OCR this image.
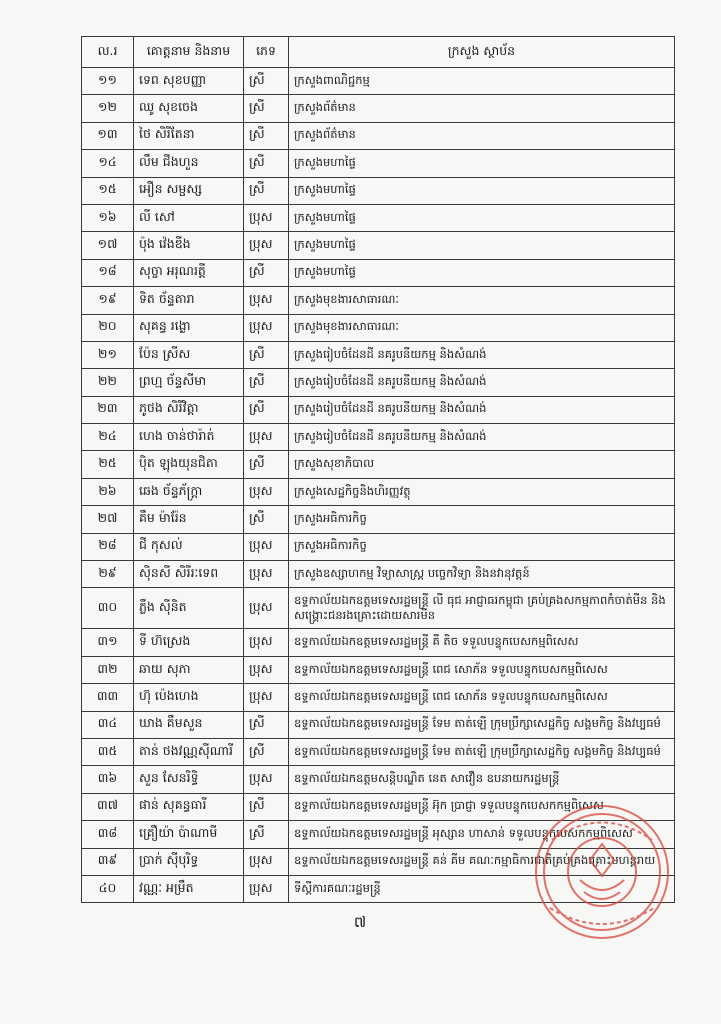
ល.រ	គោត្តនាម និងនាម	ភេទ	ក្រសួង ស្ថាប័ន
១១	ទេព សុខបញ្ញា	ស្រី	ក្រសួងពាណិជ្ជកម្ម
១២	ឈូ សុខចេង	ស្រី	ក្រសួងព័ត៌មាន
១៣	ថៃ សិរីតែនា	ស្រី	ក្រសួងព័ត៌មាន
១៤	លឹម ជីងហួន	ស្រី	ក្រសួងមហាផ្ទៃ
១៥	អឿន សម្ផស្ស	ស្រី	ក្រសួងមហាផ្ទៃ
១៦	លី សៅ	ប្រុស	ក្រសួងមហាផ្ទៃ
១៧	ប៉ុង វ៉េងឌីង	ប្រុស	ក្រសួងមហាផ្ទៃ
១៨	សុច្ចា អរុណរត្តី	ស្រី	ក្រសួងមហាផ្ទៃ
១៩	ទិត ច័ន្ទតារា	ប្រុស	ក្រសួងមុខងារសាធារណៈ
២០	សុគន្ធ រង្ងោ	ប្រុស	ក្រសួងមុខងារសាធារណៈ
២១	ប៉ែន ស្រីស	ស្រី	ក្រសួងរៀបចំដែនដី នគរូបនីយកម្ម និងសំណង់
២២	ព្រហ្ម ច័ន្ទសីមា	ស្រី	ក្រសួងរៀបចំដែនដី នគរូបនីយកម្ម និងសំណង់
២៣	ភូថង សិរីវិត្តា	ស្រី	ក្រសួងរៀបចំដែនដី នគរូបនីយកម្ម និងសំណង់
២៤	ហេង ចាន់ថារ៉ាត់	ប្រុស	ក្រសួងរៀបចំដែនដី នគរូបនីយកម្ម និងសំណង់
២៥	ប៉ិត ឡុងយុនជិតា	ស្រី	ក្រសួងសុខាភិបាល
២៦	ឆេង ច័ន្ទភ័ក្ត្រា	ប្រុស	ក្រសួងសេដ្ឋកិច្ចនិងហិរញ្ញវត្ថុ
២៧	គឹម ម៉ារ៉ែន	ស្រី	ក្រសួងអធិការកិច្ច
២៨	ជី កុសល់	ប្រុស	ក្រសួងអធិការកិច្ច
២៩	ស៊ិនសី សិរីរៈទេព	ប្រុស	ក្រសួងឧស្សាហកម្ម វិទ្យាសាស្ត្រ បច្ចេកវិទ្យា និងនវានុវត្តន៍
៣០	ភ្លឹង ស៊ីនិត	ប្រុស	ឧទ្ទកាល័យឯកឧត្តមទេសរដ្ឋមន្ត្រី លី ធុជ អាជ្ញាធរកម្ពុជា គ្រប់គ្រងសកម្មភាពកំចាត់មីន និងសង្គ្រោះជនរងគ្រោះដោយសារមីន
៣១	ទី ហ៊ស្រេង	ប្រុស	ឧទ្ទកាល័យឯកឧត្តមទេសរដ្ឋមន្ត្រី គី តិច ទទួលបន្ទុកបេសកម្មពិសេស
៣២	ឆាយ សុភា	ប្រុស	ឧទ្ទកាល័យឯកឧត្តមទេសរដ្ឋមន្ត្រី ពេជ សោភ័ន ទទួលបន្ទុកបេសកម្មពិសេស
៣៣	ហ៊ុ ប៉េងហេង	ប្រុស	ឧទ្ទកាល័យឯកឧត្តមទេសរដ្ឋមន្ត្រី ពេជ សោភ័ន ទទួលបន្ទុកបេសកម្មពិសេស
៣៤	ឃាង គឹមសួន	ស្រី	ឧទ្ទកាល័យឯកឧត្តមទេសរដ្ឋមន្ត្រី ទែម តាត់ឡើ ក្រុមប្រឹក្សាសេដ្ឋកិច្ច សង្គមកិច្ច និងវប្បធម៌
៣៥	តាន់ ថងវណ្ណស៊ីណារី	ស្រី	ឧទ្ទកាល័យឯកឧត្តមទេសរដ្ឋមន្ត្រី ទែម តាត់ឡើ ក្រុមប្រឹក្សាសេដ្ឋកិច្ច សង្គមកិច្ច និងវប្បធម៌
៣៦	សួន សែនរិទ្ធិ	ប្រុស	ឧទ្ទកាល័យឯកឧត្តមសន្តិបណ្ឌិត នេត សាវឿន ឧបនាយករដ្ឋមន្ត្រី
៣៧	ផាន់ សុគន្ធធារី	ស្រី	ឧទ្ទកាល័យឯកឧត្តមទេសរដ្ឋមន្ត្រី អ៊ុក ប្រាជ្ញា ទទួលបន្ទុកបេសកកម្មពិសេស
៣៨	គ្រឿយ៉ា ប៉ាណាមី	ស្រី	ឧទ្ទកាល័យឯកឧត្តមទេសរដ្ឋមន្ត្រី អុស្សាន ហាសាន់ ទទួលបន្ទុកបេសកកម្មពិសេស
៣៩	ប្រាក់ ស៊ីបុរិទ្ធ	ប្រុស	ឧទ្ទកាល័យឯកឧត្តមទេសរដ្ឋមន្ត្រី គន់ គីម គណៈកម្មាធិការជាតិគ្រប់គ្រងគ្រោះមហន្តរាយ
៤០	វណ្ណៈ អម្រឹត	ប្រុស	ទីស្តីការគណៈរដ្ឋមន្ត្រី
៧
